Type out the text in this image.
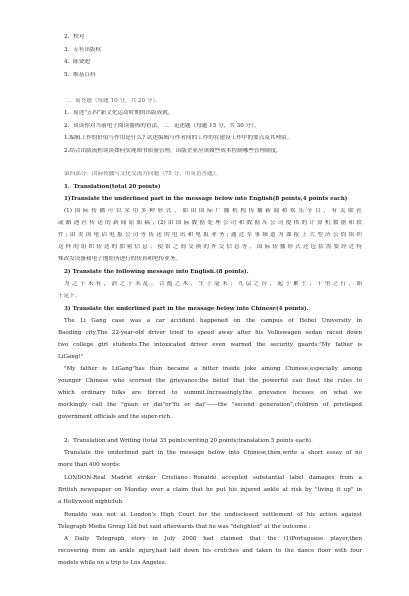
2．校对
3．专有出版权
4．陈费迪
5．维基百科
二．简答题（每题 10 分，共 20 分）。
1．简述"五四"新文化运动时期的出版成就。
2．谈谈你对当前电子阅读器热的看法。二．论述题（每题 15 分，共 30 分）。
1.编辑工作的价值与作用是什么? 试述编辑与作者间的工作的在建设工作中的要点及其理由。
2.结合出版流程谈谈如何实现图书质量管理，出版企业应该做些成本控制哪些管理制度。
第四部分：国际传播与文化交流方向题（75 分，用英语答题）。
1．Translation(total 20 points)
1)Translate the underlined part in the message below into English(8 points,4 points each)
(1)国际传播可以采用多种形式，如由国际广播机构传播新闻和娱乐节目，有关联社
或路透社传送的新闻原始稿；(2)由国际数据处理公司和数据库公司提供的计算机数据和软
件;由美国电话电报公司等传送的电讯和电报业务;通过军事频道为谍报上大型济公的组织
这样的组织传送的加密信息；使馆之间交换的外交信息等，国际传播形式还包括需要经过特
殊改发设备和电子地址所进行的传真和电传业务。
2) Translate the following message into English.(8 points).
为之于未有，治之于未乱。合抱之木，生于毫末；九层之台，起于累土；千里之行，始
于足下。
3) Translate the underlined part in the message below into Chinese(4 points).
The Li Gang case was a car accident happened on the campus of Hebei University in
Baoding city.The 22-year-old driver tried to speed away after his Volkswagen sedan raced down
two college girl students.The intoxicated driver even warned the security guards:"My father is
LiGang!"
"My father is LiGang"has then became a bitter inside joke among Chinese,especially among
younger Chinese who scorned the grievance:the belief that the powerful can flout the rules to
which ordinary folks are forced to summit.Increasingly,the grievance focuses on what we
mockingly call the "guan er dai"or"fu er dai"——the "second generation",children of privileged
government officials and the super-rich.
2．Translation and Writing (total 35 points:writing 20 points;translation 5 points each).
Translate the underlined part in the message below into Chinese,then,write a short essay of no
more than 400 words:
LONDON-Real Madrid striker Cristiano Ronaldo accepted substantial label damages from a
British newspaper on Monday over a claim that he put his injured ankle at risk by "living it up" in
a Hollywood nightclub.
Ronaldo was not at London's High Court for the undisclosed settlement of his action against
Telegraph Media Group Ltd but said afterwards that he was "delighted" at the outcome .
A Daily Telegraph story in July 2008 had claimed that the (1)Portuguese player,then
recovering from an ankle injury,had laid down his crutches and taken to the dance floor with four
models while on a trip to Los Angeles.
